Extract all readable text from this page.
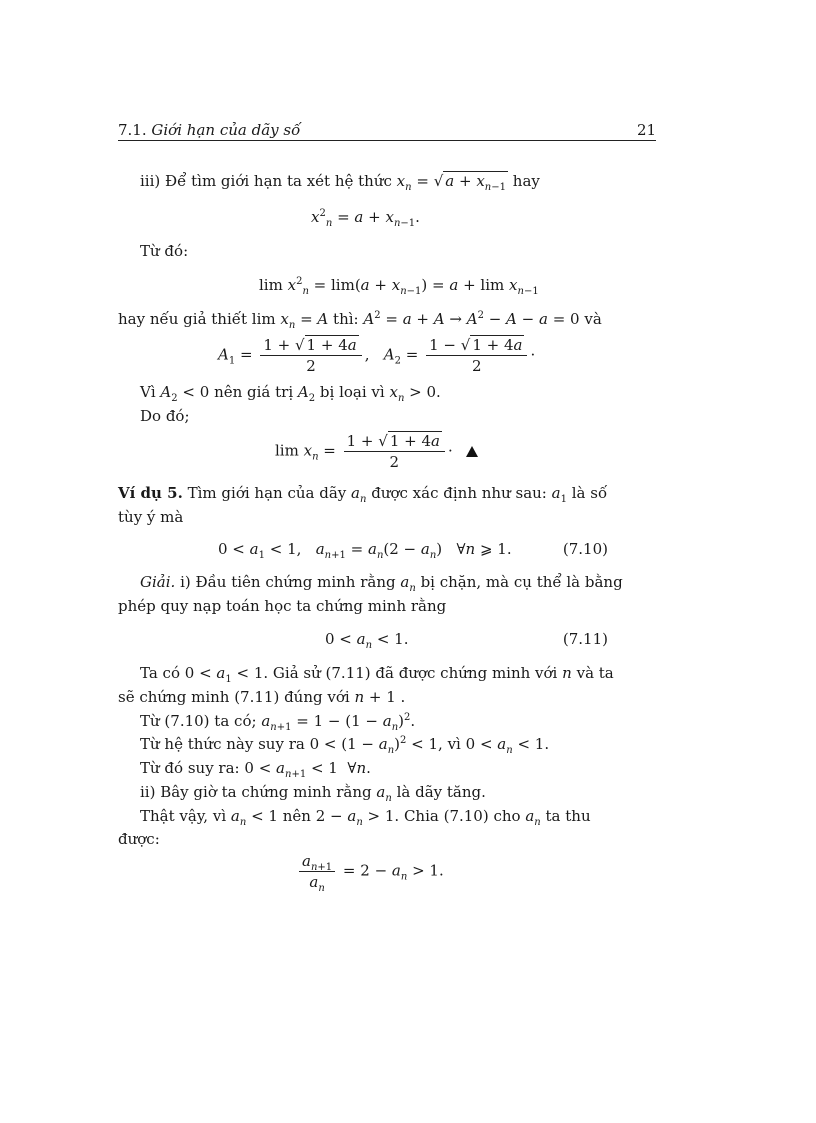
7.1. Giới hạn của dãy số	21
iii) Để tìm giới hạn ta xét hệ thức $x_n$ = √ $a + x_{n-1}$ hay
$x^2_n = a + x_{n-1}$.
Từ đó:
$\lim x^2_n = \lim(a + x_{n-1}) = a + \lim x_{n-1}$
hay nếu giả thiết $\lim x_n = A$ thì: $A^2 = a + A \to A^2 - A - a = 0$ và
$A_1 = \frac{1 + √ 1 + 4a}{2}$ ,   $A_2 = \frac{1 - √ 1 + 4a}{2}$ ·
Vì $A_2 < 0$ nên giá trị $A_2$ bị loại vì $x_n > 0$.
Do đó;
$\lim x_n = \frac{1 + √ 1 + 4a}{2}$ ·
Ví dụ 5. Tìm giới hạn của dãy $a_n$ được xác định như sau: $a_1$ là số
tùy ý mà
$0 < a_1 < 1$,   $a_{n+1} = a_n(2 - a_n)$   ∀n ⩾ 1.	(7.10)
Giải. i) Đầu tiên chứng minh rằng $a_n$ bị chặn, mà cụ thể là bằng
phép quy nạp toán học ta chứng minh rằng
$0 < a_n < 1$.	(7.11)
Ta có $0 < a_1 < 1$. Giả sử (7.11) đã được chứng minh với n và ta
sẽ chứng minh (7.11) đúng với n + 1 .
Từ (7.10) ta có; $a_{n+1} = 1 - (1 - a_n)^2$.
Từ hệ thức này suy ra $0 < (1 - a_n)^2 < 1$, vì $0 < a_n < 1$.
Từ đó suy ra: $0 < a_{n+1} < 1$  ∀n.
ii) Bây giờ ta chứng minh rằng $a_n$ là dãy tăng.
Thật vậy, vì $a_n < 1$ nên $2 - a_n > 1$. Chia (7.10) cho $a_n$ ta thu
được:
$\frac{a_{n+1}}{a_n} = 2 - a_n > 1$.
